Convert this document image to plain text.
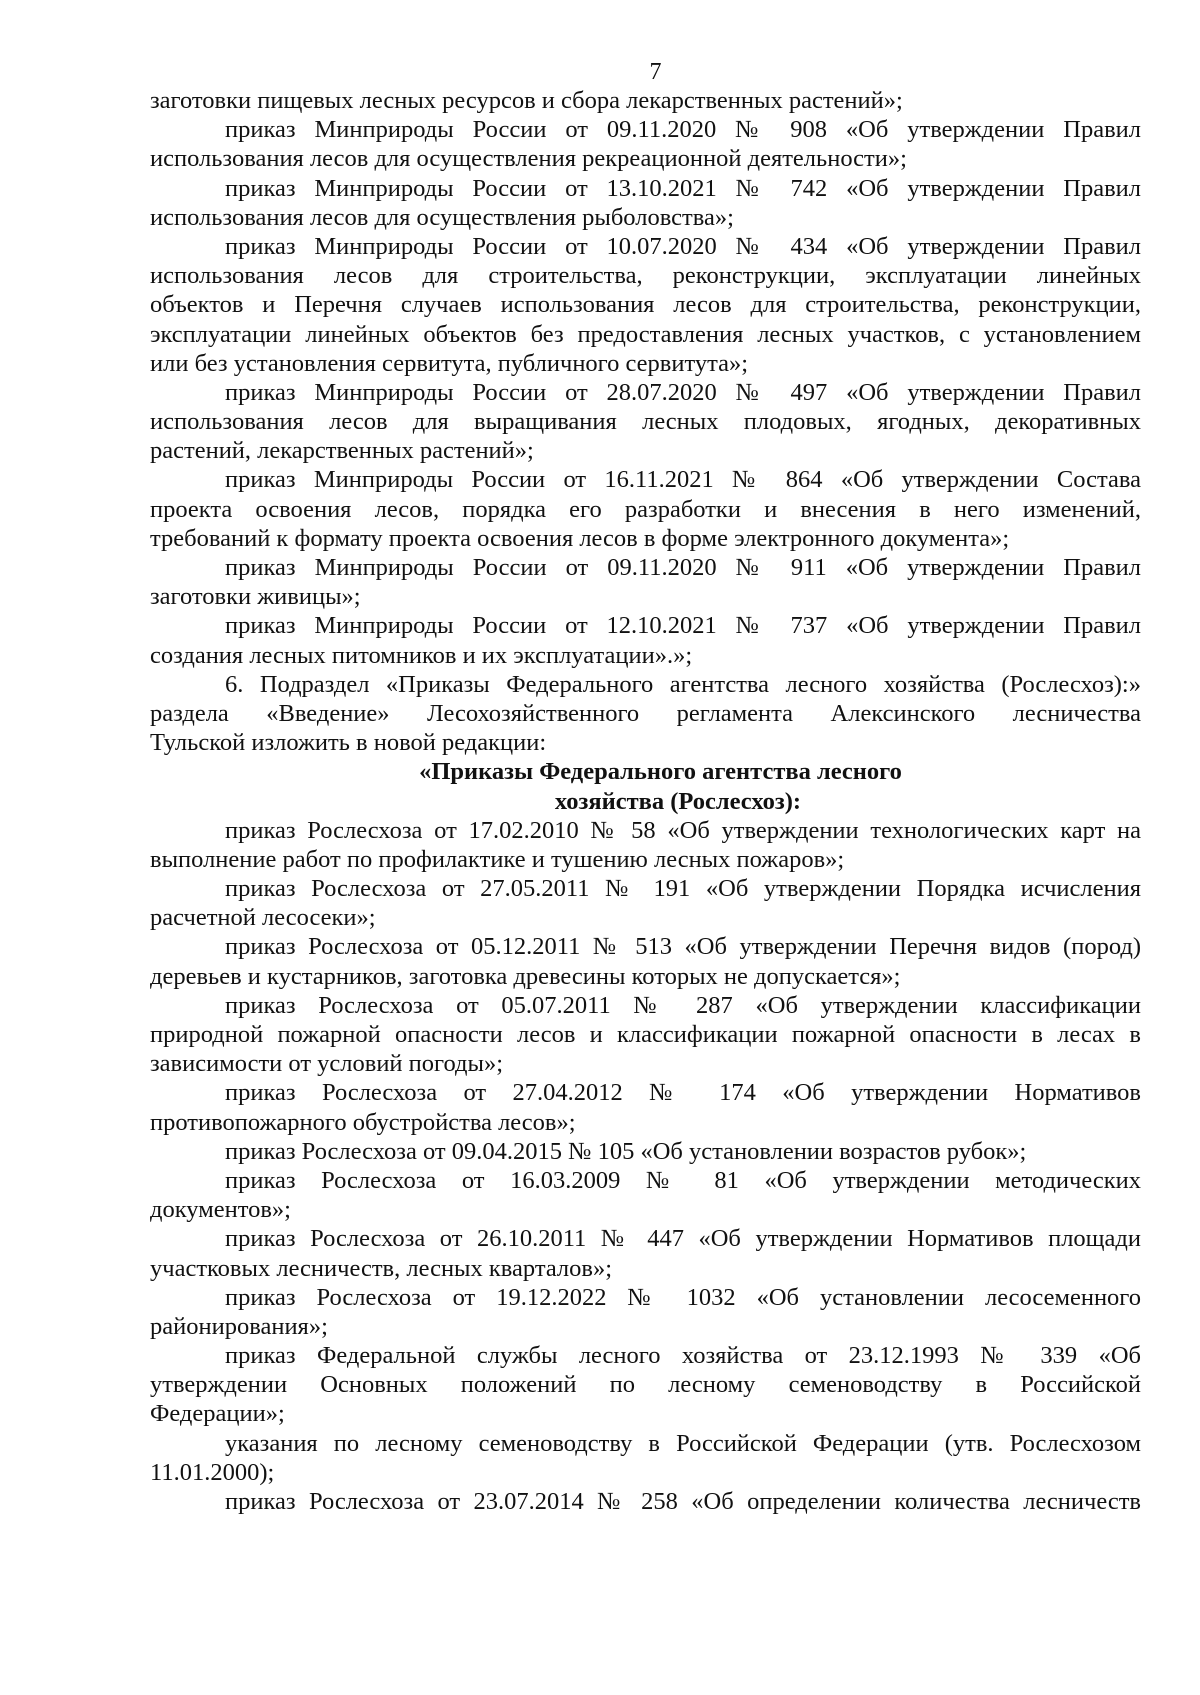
7
заготовки пищевых лесных ресурсов и сбора лекарственных растений»;
приказ Минприроды России от 09.11.2020 № 908 «Об утверждении Правил
использования лесов для осуществления рекреационной деятельности»;
приказ Минприроды России от 13.10.2021 № 742 «Об утверждении Правил
использования лесов для осуществления рыболовства»;
приказ Минприроды России от 10.07.2020 № 434 «Об утверждении Правил
использования лесов для строительства, реконструкции, эксплуатации линейных
объектов и Перечня случаев использования лесов для строительства, реконструкции,
эксплуатации линейных объектов без предоставления лесных участков, с установлением
или без установления сервитута, публичного сервитута»;
приказ Минприроды России от 28.07.2020 № 497 «Об утверждении Правил
использования лесов для выращивания лесных плодовых, ягодных, декоративных
растений, лекарственных растений»;
приказ Минприроды России от 16.11.2021 № 864 «Об утверждении Состава
проекта освоения лесов, порядка его разработки и внесения в него изменений,
требований к формату проекта освоения лесов в форме электронного документа»;
приказ Минприроды России от 09.11.2020 № 911 «Об утверждении Правил
заготовки живицы»;
приказ Минприроды России от 12.10.2021 № 737 «Об утверждении Правил
создания лесных питомников и их эксплуатации».»;
6. Подраздел «Приказы Федерального агентства лесного хозяйства (Рослесхоз):»
раздела «Введение» Лесохозяйственного регламента Алексинского лесничества
Тульской изложить в новой редакции:
«Приказы Федерального агентства лесного
хозяйства (Рослесхоз):
приказ Рослесхоза от 17.02.2010 № 58 «Об утверждении технологических карт на
выполнение работ по профилактике и тушению лесных пожаров»;
приказ Рослесхоза от 27.05.2011 № 191 «Об утверждении Порядка исчисления
расчетной лесосеки»;
приказ Рослесхоза от 05.12.2011 № 513 «Об утверждении Перечня видов (пород)
деревьев и кустарников, заготовка древесины которых не допускается»;
приказ Рослесхоза от 05.07.2011 № 287 «Об утверждении классификации
природной пожарной опасности лесов и классификации пожарной опасности в лесах в
зависимости от условий погоды»;
приказ Рослесхоза от 27.04.2012 № 174 «Об утверждении Нормативов
противопожарного обустройства лесов»;
приказ Рослесхоза от 09.04.2015 № 105 «Об установлении возрастов рубок»;
приказ Рослесхоза от 16.03.2009 № 81 «Об утверждении методических
документов»;
приказ Рослесхоза от 26.10.2011 № 447 «Об утверждении Нормативов площади
участковых лесничеств, лесных кварталов»;
приказ Рослесхоза от 19.12.2022 № 1032 «Об установлении лесосеменного
районирования»;
приказ Федеральной службы лесного хозяйства от 23.12.1993 № 339 «Об
утверждении Основных положений по лесному семеноводству в Российской
Федерации»;
указания по лесному семеноводству в Российской Федерации (утв. Рослесхозом
11.01.2000);
приказ Рослесхоза от 23.07.2014 № 258 «Об определении количества лесничеств
